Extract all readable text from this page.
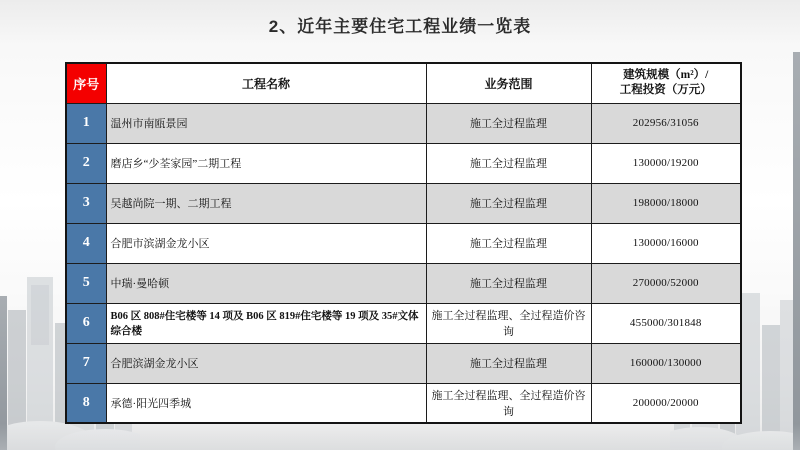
2、近年主要住宅工程业绩一览表
序号	工程名称	业务范围	建筑规模（m²）/
工程投资（万元）

1	温州市南瓯景园	施工全过程监理	202956/31056
2	磨店乡“少荃家园”二期工程	施工全过程监理	130000/19200
3	吴越尚院一期、二期工程	施工全过程监理	198000/18000
4	合肥市滨湖金龙小区	施工全过程监理	130000/16000
5	中瑞·曼哈顿	施工全过程监理	270000/52000
6	B06 区 808#住宅楼等 14 项及 B06 区 819#住宅楼等 19 项及 35#文体综合楼	施工全过程监理、全过程造价咨询	455000/301848
7	合肥滨湖金龙小区	施工全过程监理	160000/130000
8	承德·阳光四季城	施工全过程监理、全过程造价咨询	200000/20000
